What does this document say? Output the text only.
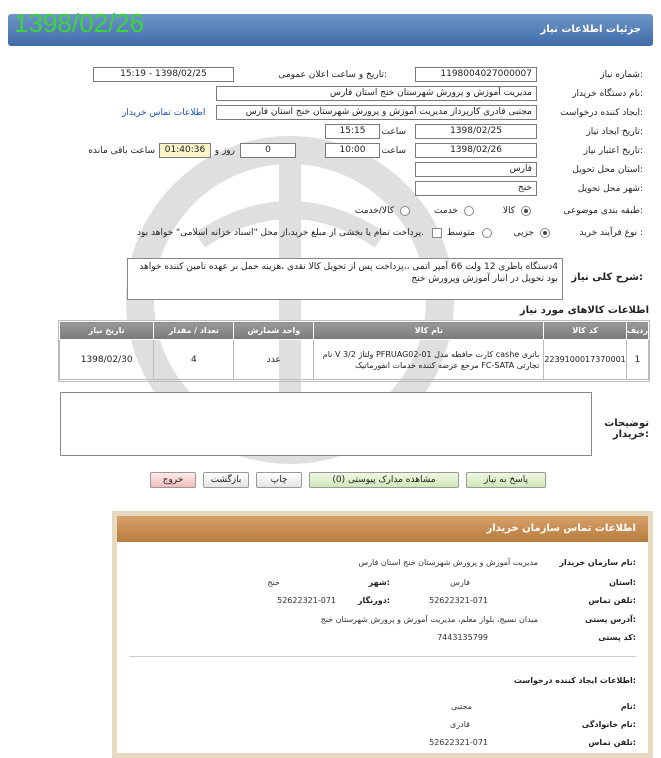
1398/02/26	جزئیات اطلاعات نیاز
شماره نیاز:
1198004027000007
تاریخ و ساعت اعلان عمومی:
1398/02/25 - 15:19
نام دستگاه خریدار:
مدیریت آموزش و پرورش شهرستان خنج استان فارس
ایجاد کننده درخواست:
مجتبی قادری کارپرداز مدیریت آموزش و پرورش شهرستان خنج استان فارس
اطلاعات تماس خریدار
تاریخ ایجاد نیاز:
1398/02/25
ساعت
15:15
تاریخ اعتبار نیاز:
1398/02/26
ساعت
10:00
0
روز و
01:40:36
ساعت باقی مانده
استان محل تحویل:
فارس
شهر محل تحویل:
خنج
طبقه بندی موضوعی:
کالا
خدمت
کالا/خدمت
نوع فرآیند خرید :
جزیی
متوسط
پرداخت تمام یا بخشی از مبلغ خرید،از محل "اسناد خزانه اسلامی" خواهد بود.
شرح کلی نیاز:
4دستگاه باطری 12 ولت 66 آمپر اتمی ،،پرداخت پس از تحویل کالا نقدی ،هزینه حمل بر عهده تامین کننده خواهد بود تحویل در انبار آموزش وپرورش خنج
اطلاعات کالاهای مورد نیاز
ردیف	کد کالا	نام کالا	واحد شمارش	تعداد / مقدار	تاریخ نیاز
1	2239100017370001	باتری cashe کارت حافظه مدل PFRUAG02-01 ولتاژ V 3/2 نام تجارتی FC-SATA مرجع عرضه کننده خدمات انفورماتیک	عدد	4	1398/02/30
توضیحات خریدار:
پاسخ به نیاز
مشاهده مدارک پیوستی (0)
چاپ
بازگشت
خروج
اطلاعات تماس سازمان خریدار
نام سازمان خریدار:
مدیریت آموزش و پرورش شهرستان خنج استان فارس
استان:
فارس
شهر:
خنج
تلفن تماس:
52622321-071
دورنگار:
52622321-071
آدرس پستی:
میدان نسیج، بلوار معلم، مدیریت آموزش و پرورش شهرستان خنج
کد پستی:
7443135799
اطلاعات ایجاد کننده درخواست:
نام:
مجتبی
نام خانوادگی:
قادری
تلفن تماس:
52622321-071
